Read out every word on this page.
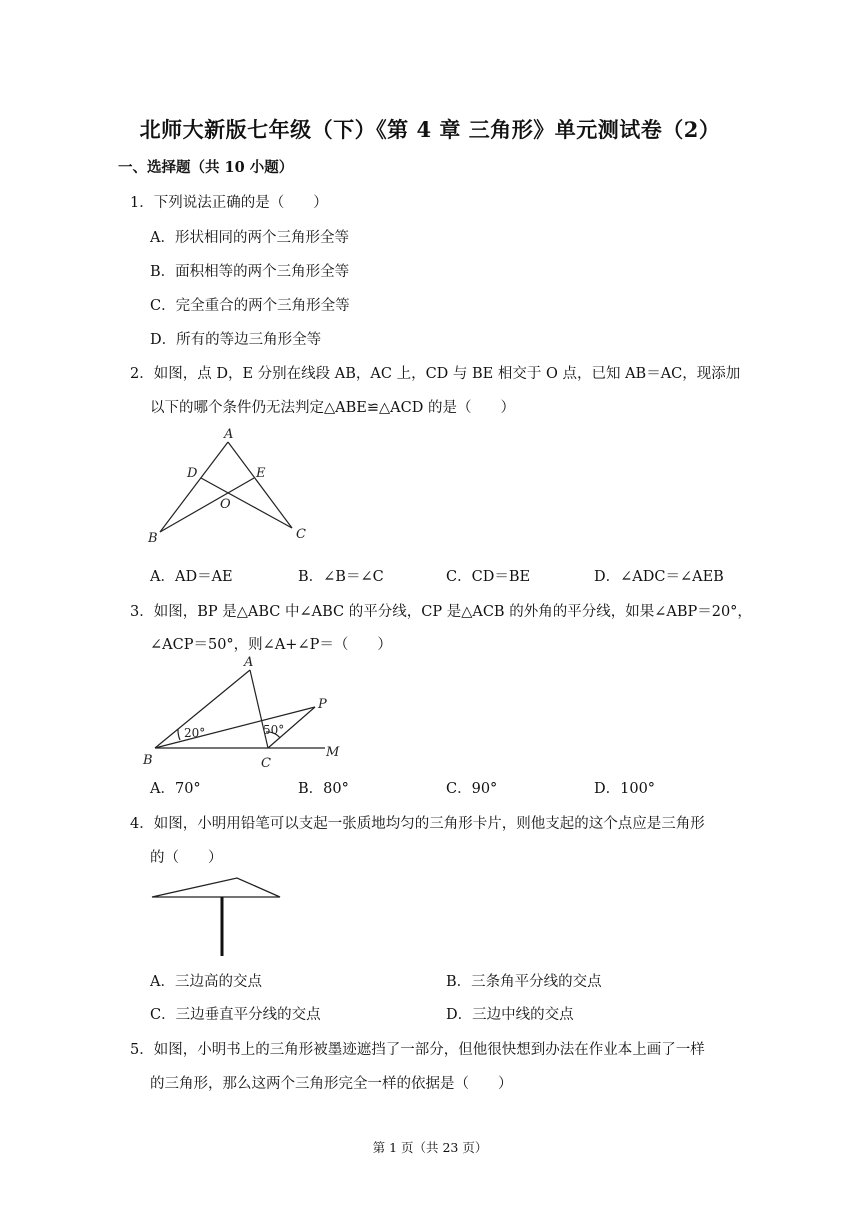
北师大新版七年级（下）《第 4 章 三角形》单元测试卷（2）
一、选择题（共 10 小题）
1．下列说法正确的是（　　）
A．形状相同的两个三角形全等
B．面积相等的两个三角形全等
C．完全重合的两个三角形全等
D．所有的等边三角形全等
2．如图，点 D，E 分别在线段 AB，AC 上，CD 与 BE 相交于 O 点，已知 AB＝AC，现添加
以下的哪个条件仍无法判定△ABE≌△ACD 的是（　　）
A
B	C
D	E
O
A．AD＝AE	B．∠B＝∠C	C．CD＝BE	D．∠ADC＝∠AEB
3．如图，BP 是△ABC 中∠ABC 的平分线，CP 是△ACB 的外角的平分线，如果∠ABP＝20°，
∠ACP＝50°，则∠A+∠P＝（　　）
A
B	C
P
M
20°	50°
A．70°	B．80°	C．90°	D．100°
4．如图，小明用铅笔可以支起一张质地均匀的三角形卡片，则他支起的这个点应是三角形
的（　　）
A．三边高的交点	B．三条角平分线的交点
C．三边垂直平分线的交点	D．三边中线的交点
5．如图，小明书上的三角形被墨迹遮挡了一部分，但他很快想到办法在作业本上画了一样
的三角形，那么这两个三角形完全一样的依据是（　　）
第 1 页（共 23 页）
